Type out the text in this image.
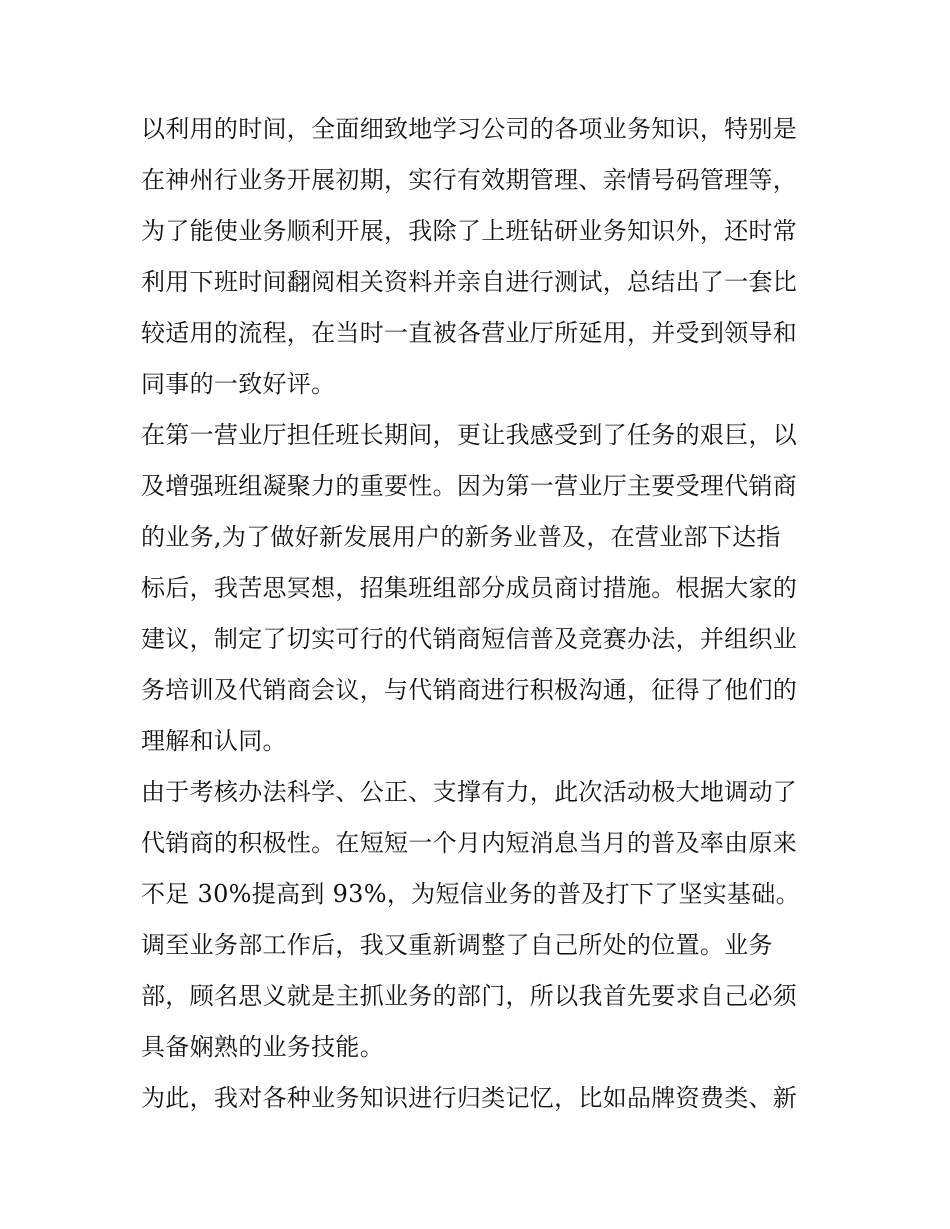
以利用的时间，全面细致地学习公司的各项业务知识，特别是
在神州行业务开展初期，实行有效期管理、亲情号码管理等，
为了能使业务顺利开展，我除了上班钻研业务知识外，还时常
利用下班时间翻阅相关资料并亲自进行测试，总结出了一套比
较适用的流程，在当时一直被各营业厅所延用，并受到领导和
同事的一致好评。
在第一营业厅担任班长期间，更让我感受到了任务的艰巨，以
及增强班组凝聚力的重要性。因为第一营业厅主要受理代销商
的业务,为了做好新发展用户的新务业普及，在营业部下达指
标后，我苦思冥想，招集班组部分成员商讨措施。根据大家的
建议，制定了切实可行的代销商短信普及竞赛办法，并组织业
务培训及代销商会议，与代销商进行积极沟通，征得了他们的
理解和认同。
由于考核办法科学、公正、支撑有力，此次活动极大地调动了
代销商的积极性。在短短一个月内短消息当月的普及率由原来
不足 30%提高到 93%，为短信业务的普及打下了坚实基础。
调至业务部工作后，我又重新调整了自己所处的位置。业务
部，顾名思义就是主抓业务的部门，所以我首先要求自己必须
具备娴熟的业务技能。
为此，我对各种业务知识进行归类记忆，比如品牌资费类、新
